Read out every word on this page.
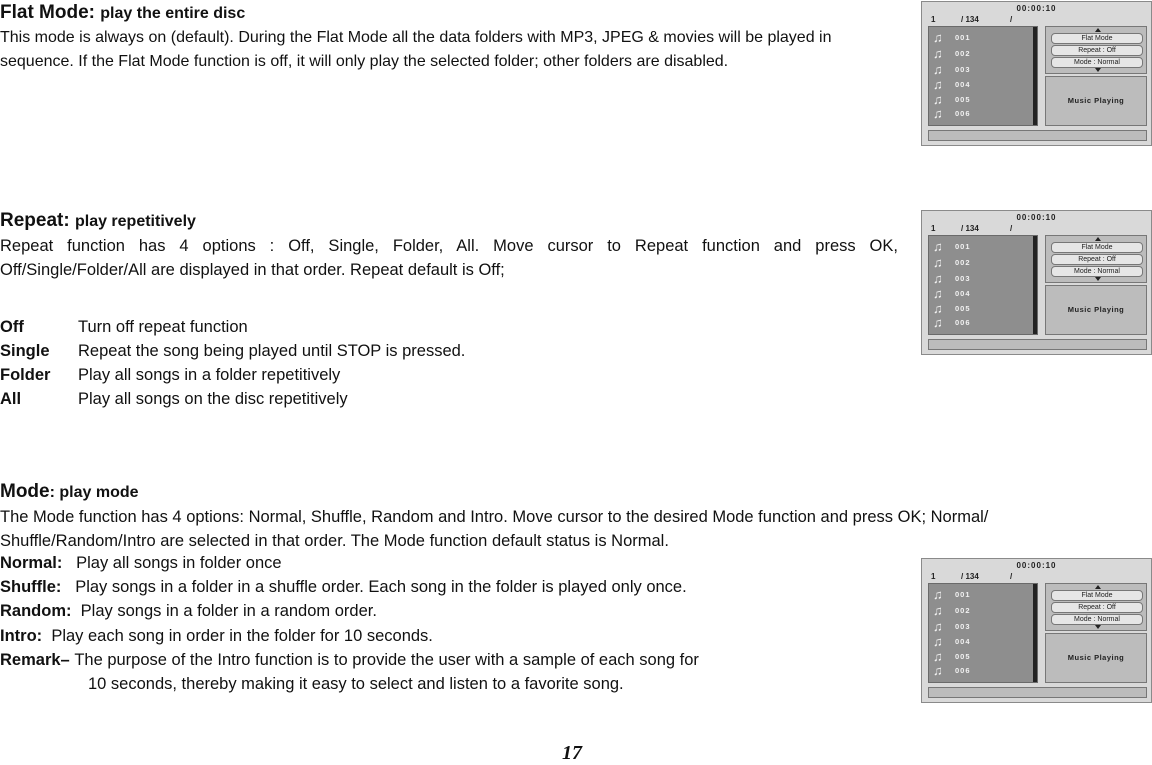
Flat Mode: play the entire disc
This mode is always on (default). During the Flat Mode all the data folders with MP3, JPEG & movies will be played in
sequence. If the Flat Mode function is off, it will only play the selected folder; other folders are disabled.
Repeat: play repetitively
Repeat function has 4 options : Off, Single, Folder, All. Move cursor to Repeat function and press OK,
Off/Single/Folder/All are displayed in that order. Repeat default is Off;
Off	Turn off repeat function
Single Repeat the song being played until STOP is pressed.
Folder Play all songs in a folder repetitively
All	Play all songs on the disc repetitively
Mode: play mode
The Mode function has 4 options: Normal, Shuffle, Random and Intro. Move cursor to the desired Mode function and press OK; Normal/
Shuffle/Random/Intro are selected in that order. The Mode function default status is Normal.
Normal: Play all songs in folder once
Shuffle: Play songs in a folder in a shuffle order. Each song in the folder is played only once.
Random: Play songs in a folder in a random order.
Intro: Play each song in order in the folder for 10 seconds.
Remark– The purpose of the Intro function is to provide the user with a sample of each song for
10 seconds, thereby making it easy to select and listen to a favorite song.
17
00:00:10
1	/ 134	/
♫ 001
♫ 002
♫ 003
♫ 004
♫ 005
♫ 006
Flat Mode
Repeat : Off
Mode : Normal
Music Playing
00:00:10
1	/ 134	/
♫ 001
♫ 002
♫ 003
♫ 004
♫ 005
♫ 006
Flat Mode
Repeat : Off
Mode : Normal
Music Playing
00:00:10
1	/ 134	/
♫ 001
♫ 002
♫ 003
♫ 004
♫ 005
♫ 006
Flat Mode
Repeat : Off
Mode : Normal
Music Playing
